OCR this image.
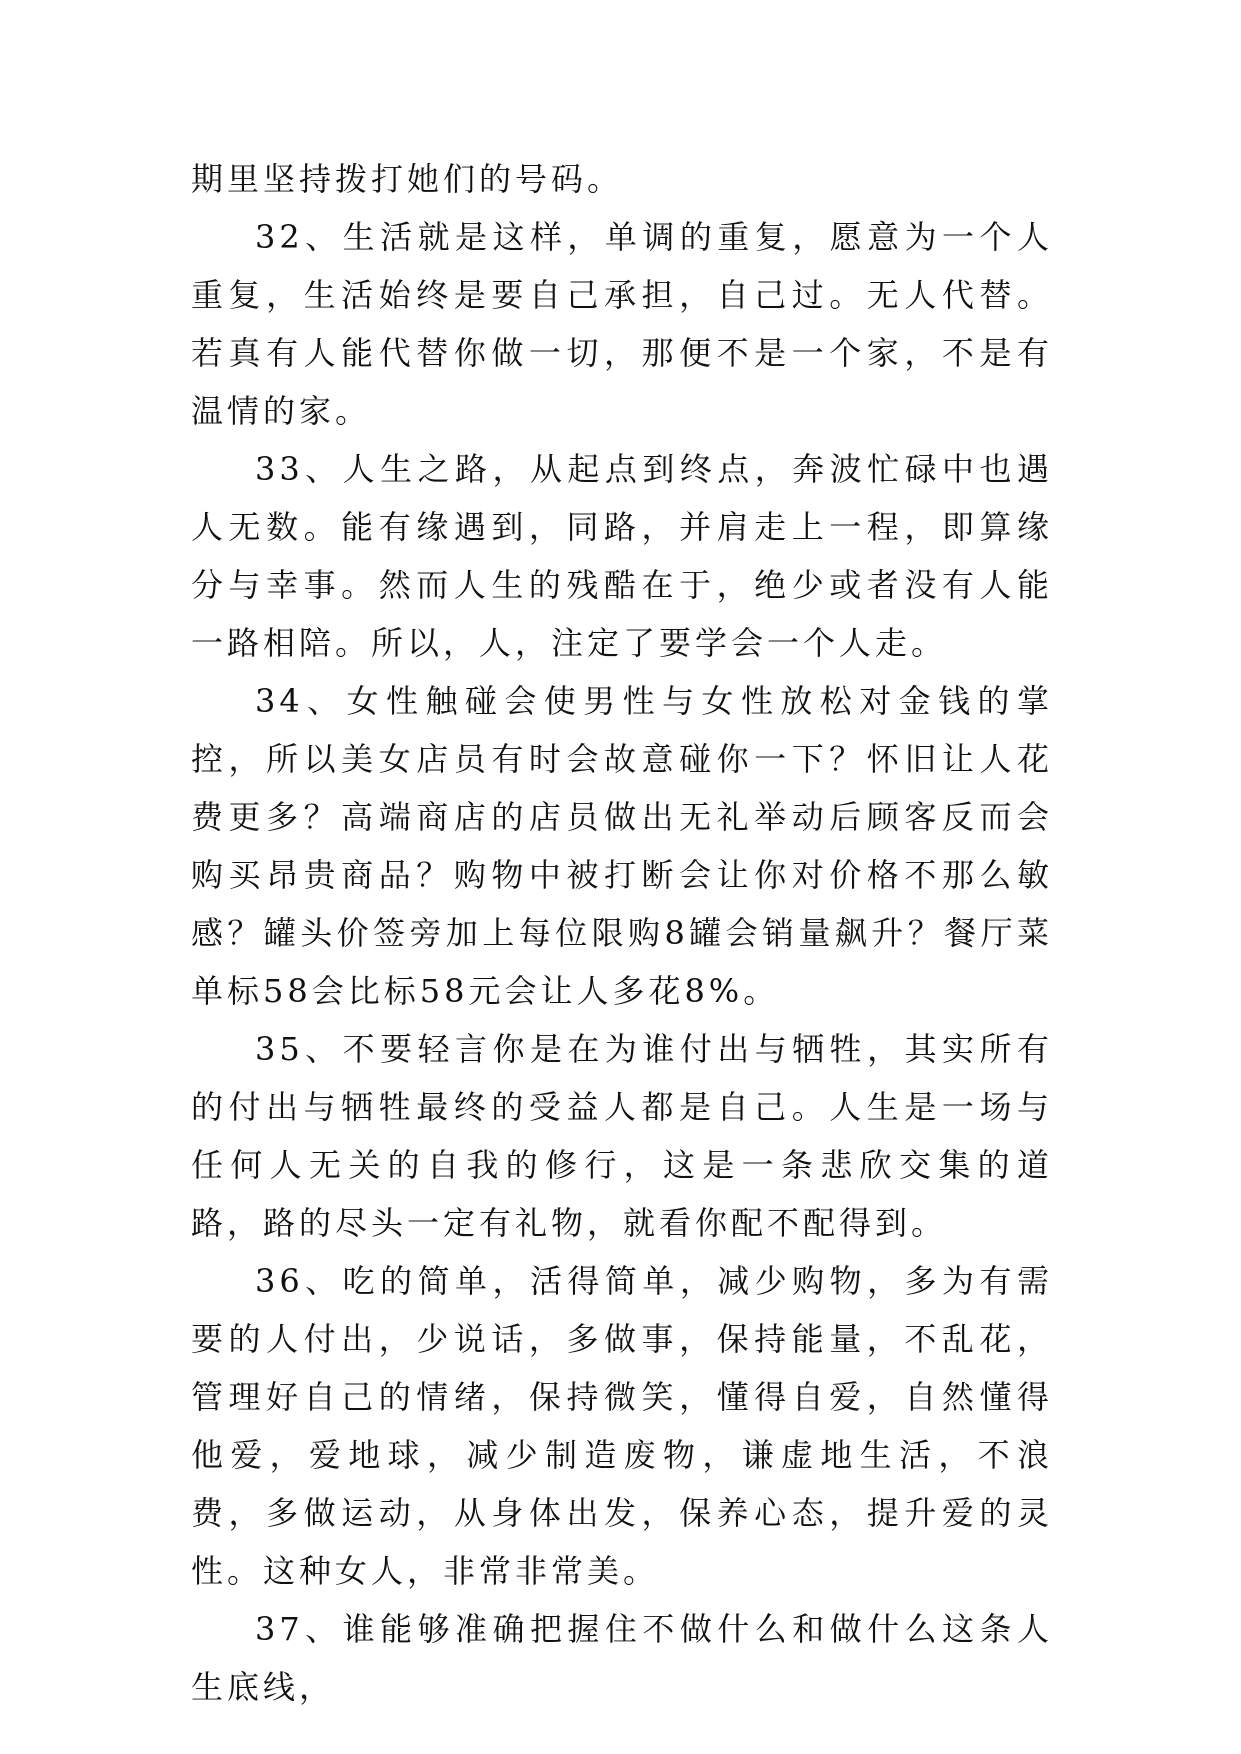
期里坚持拨打她们的号码。

32、生活就是这样，单调的重复，愿意为一个人重复，生活始终是要自己承担，自己过。无人代替。若真有人能代替你做一切，那便不是一个家，不是有温情的家。

33、人生之路，从起点到终点，奔波忙碌中也遇人无数。能有缘遇到，同路，并肩走上一程，即算缘分与幸事。然而人生的残酷在于，绝少或者没有人能一路相陪。所以，人，注定了要学会一个人走。

34、女性触碰会使男性与女性放松对金钱的掌控，所以美女店员有时会故意碰你一下？怀旧让人花费更多？高端商店的店员做出无礼举动后顾客反而会购买昂贵商品？购物中被打断会让你对价格不那么敏感？罐头价签旁加上每位限购8罐会销量飙升？餐厅菜单标58会比标58元会让人多花8%。

35、不要轻言你是在为谁付出与牺牲，其实所有的付出与牺牲最终的受益人都是自己。人生是一场与任何人无关的自我的修行，这是一条悲欣交集的道路，路的尽头一定有礼物，就看你配不配得到。

36、吃的简单，活得简单，减少购物，多为有需要的人付出，少说话，多做事，保持能量，不乱花，管理好自己的情绪，保持微笑，懂得自爱，自然懂得他爱，爱地球，减少制造废物，谦虚地生活，不浪费，多做运动，从身体出发，保养心态，提升爱的灵性。这种女人，非常非常美。

37、谁能够准确把握住不做什么和做什么这条人生底线，
